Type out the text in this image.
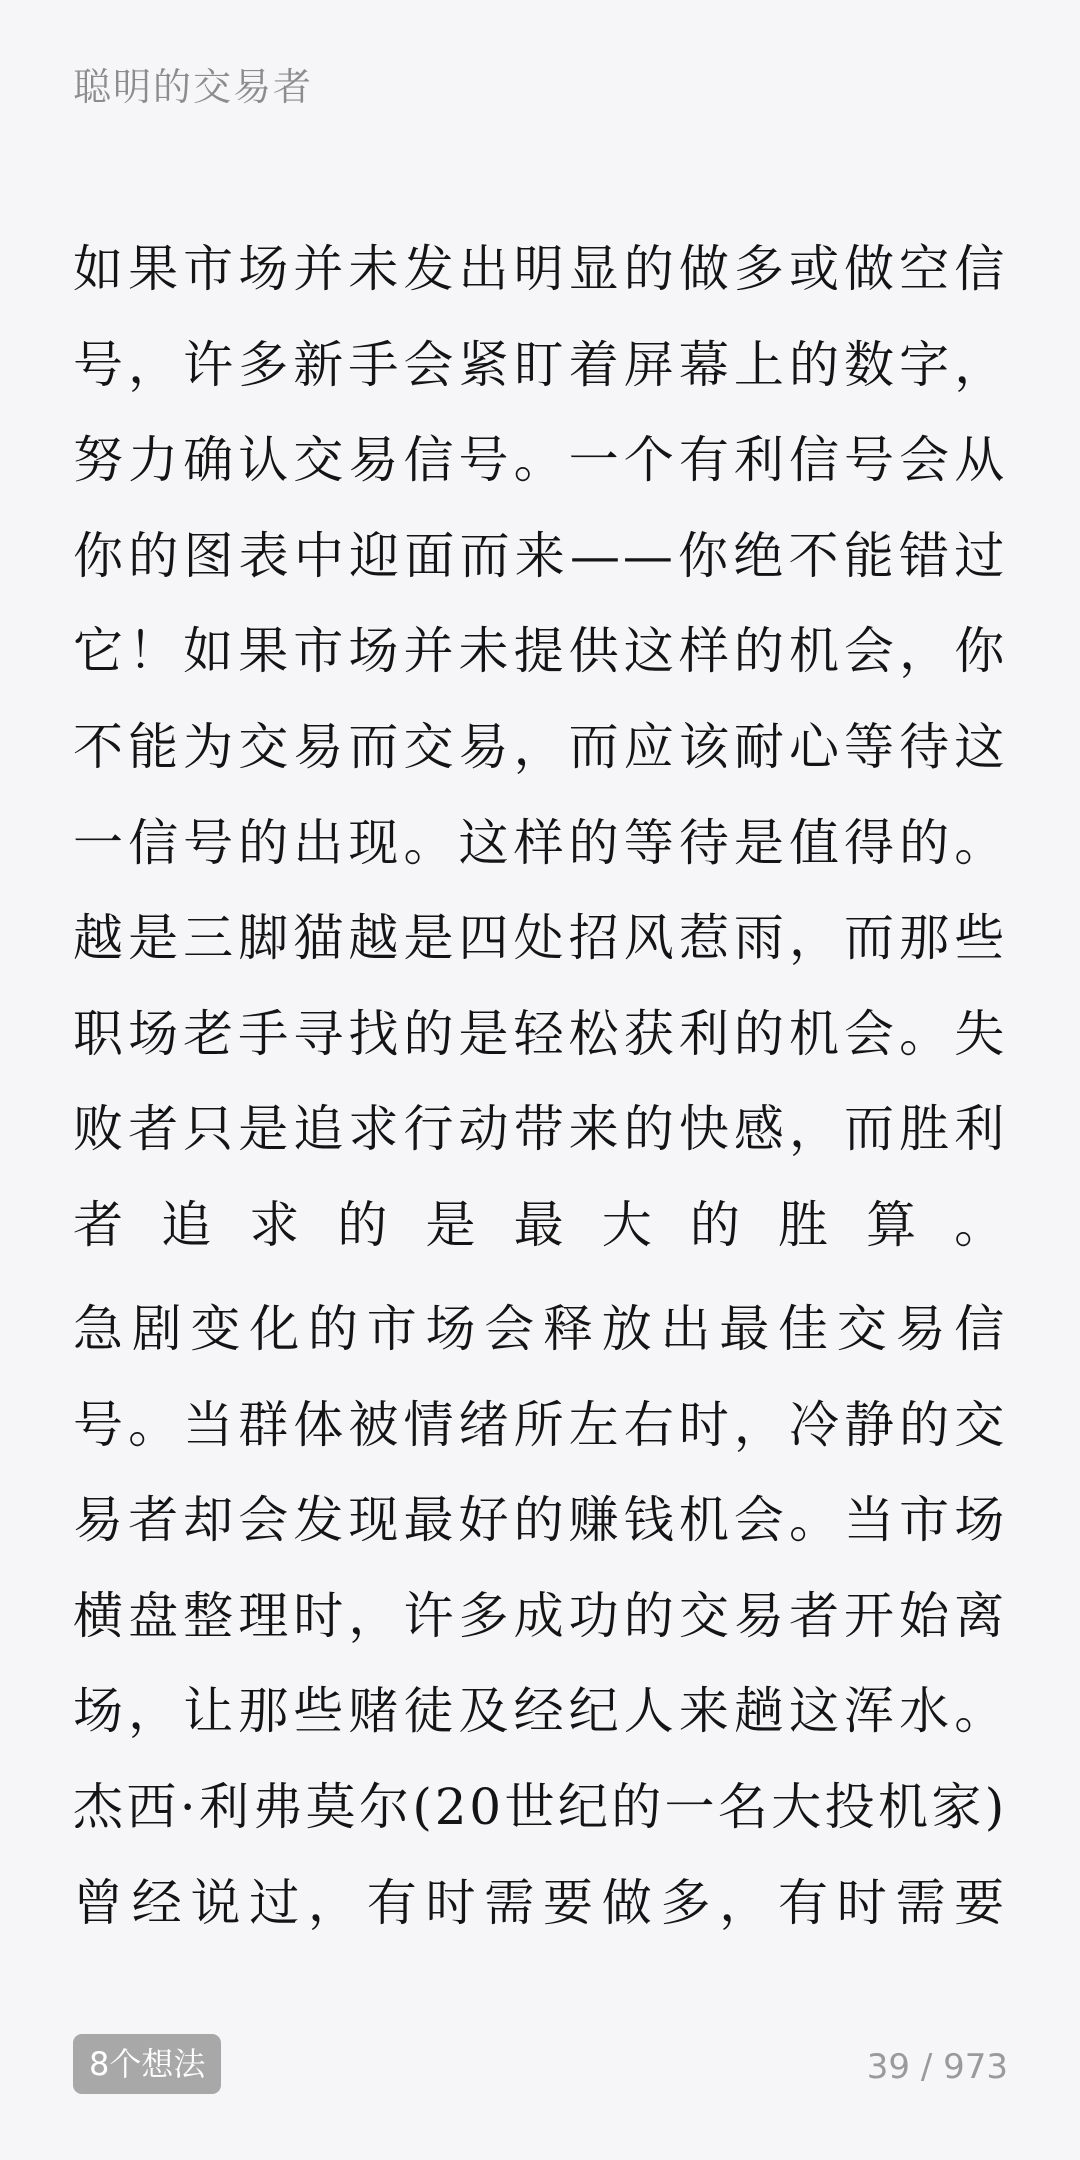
聪明的交易者

如果市场并未发出明显的做多或做空信号，许多新手会紧盯着屏幕上的数字，努力确认交易信号。一个有利信号会从你的图表中迎面而来——你绝不能错过它！如果市场并未提供这样的机会，你不能为交易而交易，而应该耐心等待这一信号的出现。这样的等待是值得的。越是三脚猫越是四处招风惹雨，而那些职场老手寻找的是轻松获利的机会。失败者只是追求行动带来的快感，而胜利者追求的是最大的胜算。

急剧变化的市场会释放出最佳交易信号。当群体被情绪所左右时，冷静的交易者却会发现最好的赚钱机会。当市场横盘整理时，许多成功的交易者开始离场，让那些赌徒及经纪人来趟这浑水。杰西·利弗莫尔(20世纪的一名大投机家)曾经说过，有时需要做多，有时需要

8个想法	39 / 973
